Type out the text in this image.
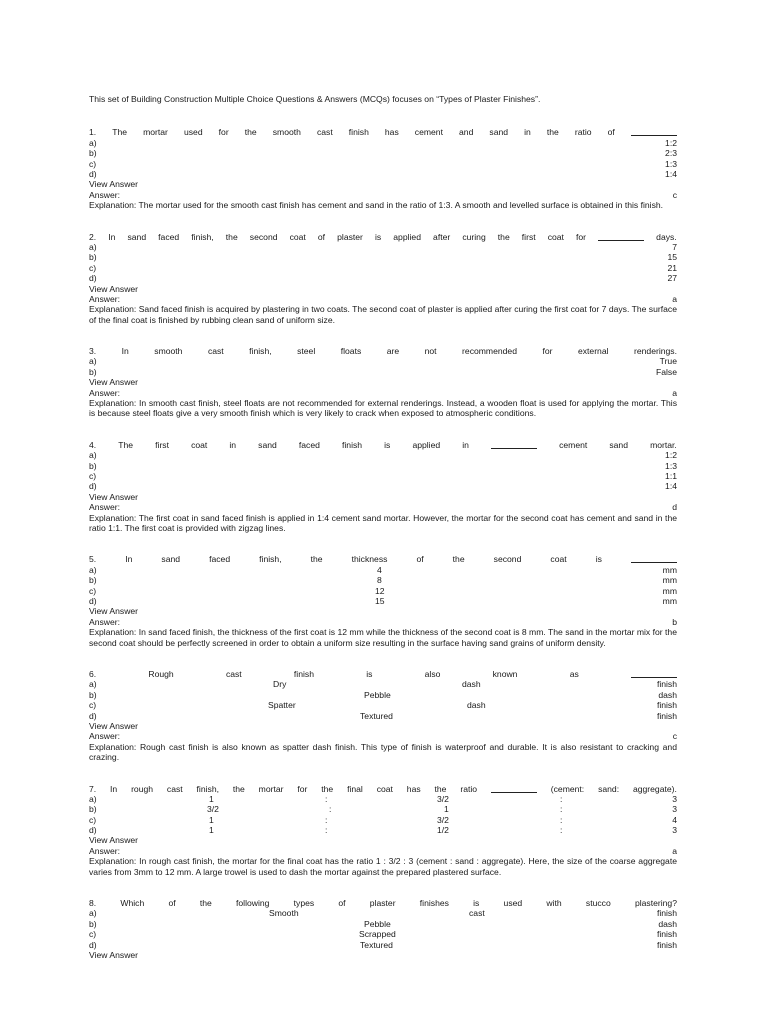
This set of Building Construction Multiple Choice Questions & Answers (MCQs) focuses on “Types of Plaster Finishes”.
1. The mortar used for the smooth cast finish has cement and sand in the ratio of
a)	1:2
b)	2:3
c)	1:3
d)	1:4
View Answer
Answer:	c
Explanation: The mortar used for the smooth cast finish has cement and sand in the ratio of 1:3. A smooth and levelled surface is obtained in this finish.
2. In sand faced finish, the second coat of plaster is applied after curing the first coat for	days.
a)	7
b)	15
c)	21
d)	27
View Answer
Answer:	a
Explanation: Sand faced finish is acquired by plastering in two coats. The second coat of plaster is applied after curing the first coat for 7 days. The surface of the final coat is finished by rubbing clean sand of uniform size.
3.	In	smooth	cast	finish,	steel	floats	are	not	recommended	for	external	renderings.
a)	True
b)	False
View Answer
Answer:	a
Explanation: In smooth cast finish, steel floats are not recommended for external renderings. Instead, a wooden float is used for applying the mortar. This is because steel floats give a very smooth finish which is very likely to crack when exposed to atmospheric conditions.
4.	The	first	coat	in	sand	faced	finish	is	applied	in	cement	sand	mortar.
a)	1:2
b)	1:3
c)	1:1
d)	1:4
View Answer
Answer:	d
Explanation: The first coat in sand faced finish is applied in 1:4 cement sand mortar. However, the mortar for the second coat has cement and sand in the ratio 1:1. The first coat is provided with zigzag lines.
5.	In	sand	faced	finish,	the	thickness	of	the	second	coat	is
a)	4	mm
b)	8	mm
c)	12	mm
d)	15	mm
View Answer
Answer:	b
Explanation: In sand faced finish, the thickness of the first coat is 12 mm while the thickness of the second coat is 8 mm. The sand in the mortar mix for the second coat should be perfectly screened in order to obtain a uniform size resulting in the surface having sand grains of uniform density.
6.	Rough	cast	finish	is	also	known	as
a)	Dry	dash	finish
b)	Pebble	dash
c)	Spatter	dash	finish
d)	Textured	finish
View Answer
Answer:	c
Explanation: Rough cast finish is also known as spatter dash finish. This type of finish is waterproof and durable. It is also resistant to cracking and crazing.
7. In rough cast finish, the mortar for the final coat has the ratio	(cement: sand: aggregate).
a)	1	:	3/2	:	3
b)	3/2	:	1	:	3
c)	1	:	3/2	:	4
d)	1	:	1/2	:	3
View Answer
Answer:	a
Explanation: In rough cast finish, the mortar for the final coat has the ratio 1 : 3/2 : 3 (cement : sand : aggregate). Here, the size of the coarse aggregate varies from 3mm to 12 mm. A large trowel is used to dash the mortar against the prepared plastered surface.
8.	Which	of	the	following	types	of	plaster	finishes	is	used	with	stucco	plastering?
a)	Smooth	cast	finish
b)	Pebble	dash
c)	Scrapped	finish
d)	Textured	finish
View Answer
